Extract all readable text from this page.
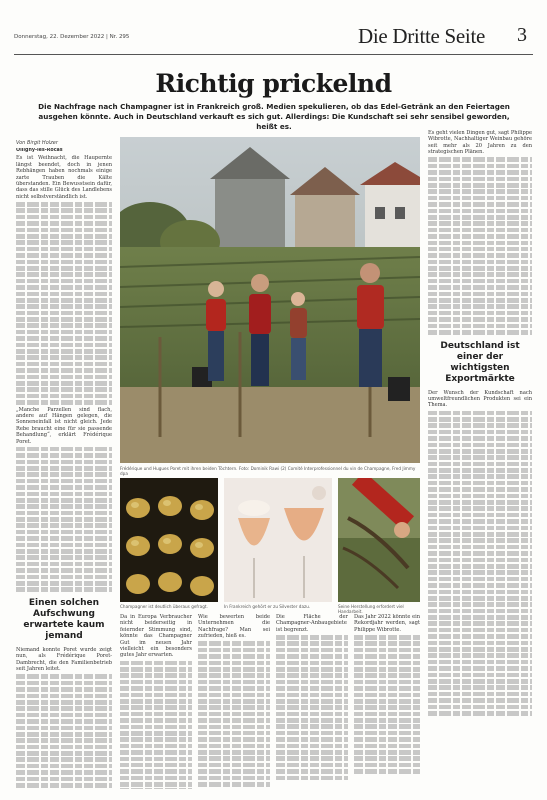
Donnerstag, 22. Dezember 2022 | Nr. 295	Die Dritte Seite 3
Richtig prickelnd
Die Nachfrage nach Champagner ist in Frankreich groß. Medien spekulieren, ob das Edel-Getränk an den Feiertagen ausgehen könnte. Auch in Deutschland verkauft es sich gut. Allerdings: Die Kundschaft sei sehr sensibel geworden, heißt es.
Von Birgit Holzer

Oiligny-les-Rocas

Es ist Weihnacht, die Haupernte längst beendet, doch in jenen Rebhängen haben nochmals einige zarte Trauben die Kälte überstanden. Ein Bewusstsein dafür, dass das stille Glück des Landlebens nicht selbstverständlich ist.

„Manche Parzellen sind flach, andere auf Hängen gelegen, die Sonneneinfall ist nicht gleich. Jede Rebe braucht eine für sie passende Behandlung“, erklärt Frédérique Poret.

Einen solchen Aufschwung erwartete kaum jemand

Niemand konnte Poret wurde zeigt nun, als Frédérique Poret-Dambrecht, die den Familienbetrieb seit Jahren leitet.

Frédérique und Hugues Poret mit ihren beiden Töchtern. Foto: Dominik Rawi (2) Comité Interprofessionnel du vin de Champagne, Fred Jimmy dpa

Es geht vielen Dingen gut, sagt Philippe Wibrotte, Nachhaltiger Weinbau gehöre seit mehr als 20 Jahren zu den strategischen Plänen.

Deutschland ist einer der wichtigsten Exportmärkte

Der Wunsch der Kundschaft nach umweltfreundlichen Produkten sei ein Thema.

Champagner ist deutlich überaus gefragt.	In Frankreich gehört er zu Silvester dazu.	Seine Herstellung erfordert viel Handarbeit.

Da in Europa Verbraucher nicht beiderseitig in feiernder Stimmung sind, könnte das Champagner Gut im neuen Jahr vielleicht ein besonders gutes Jahr erwarten.

Wie bewerten beide Unternehmen die Nachfrage? Man sei zufrieden, hieß es.

Die Fläche der Champagner-Anbaugebiete ist begrenzt.

Das Jahr 2022 könnte ein Rekordjahr werden, sagt Philippe Wibrotte.
